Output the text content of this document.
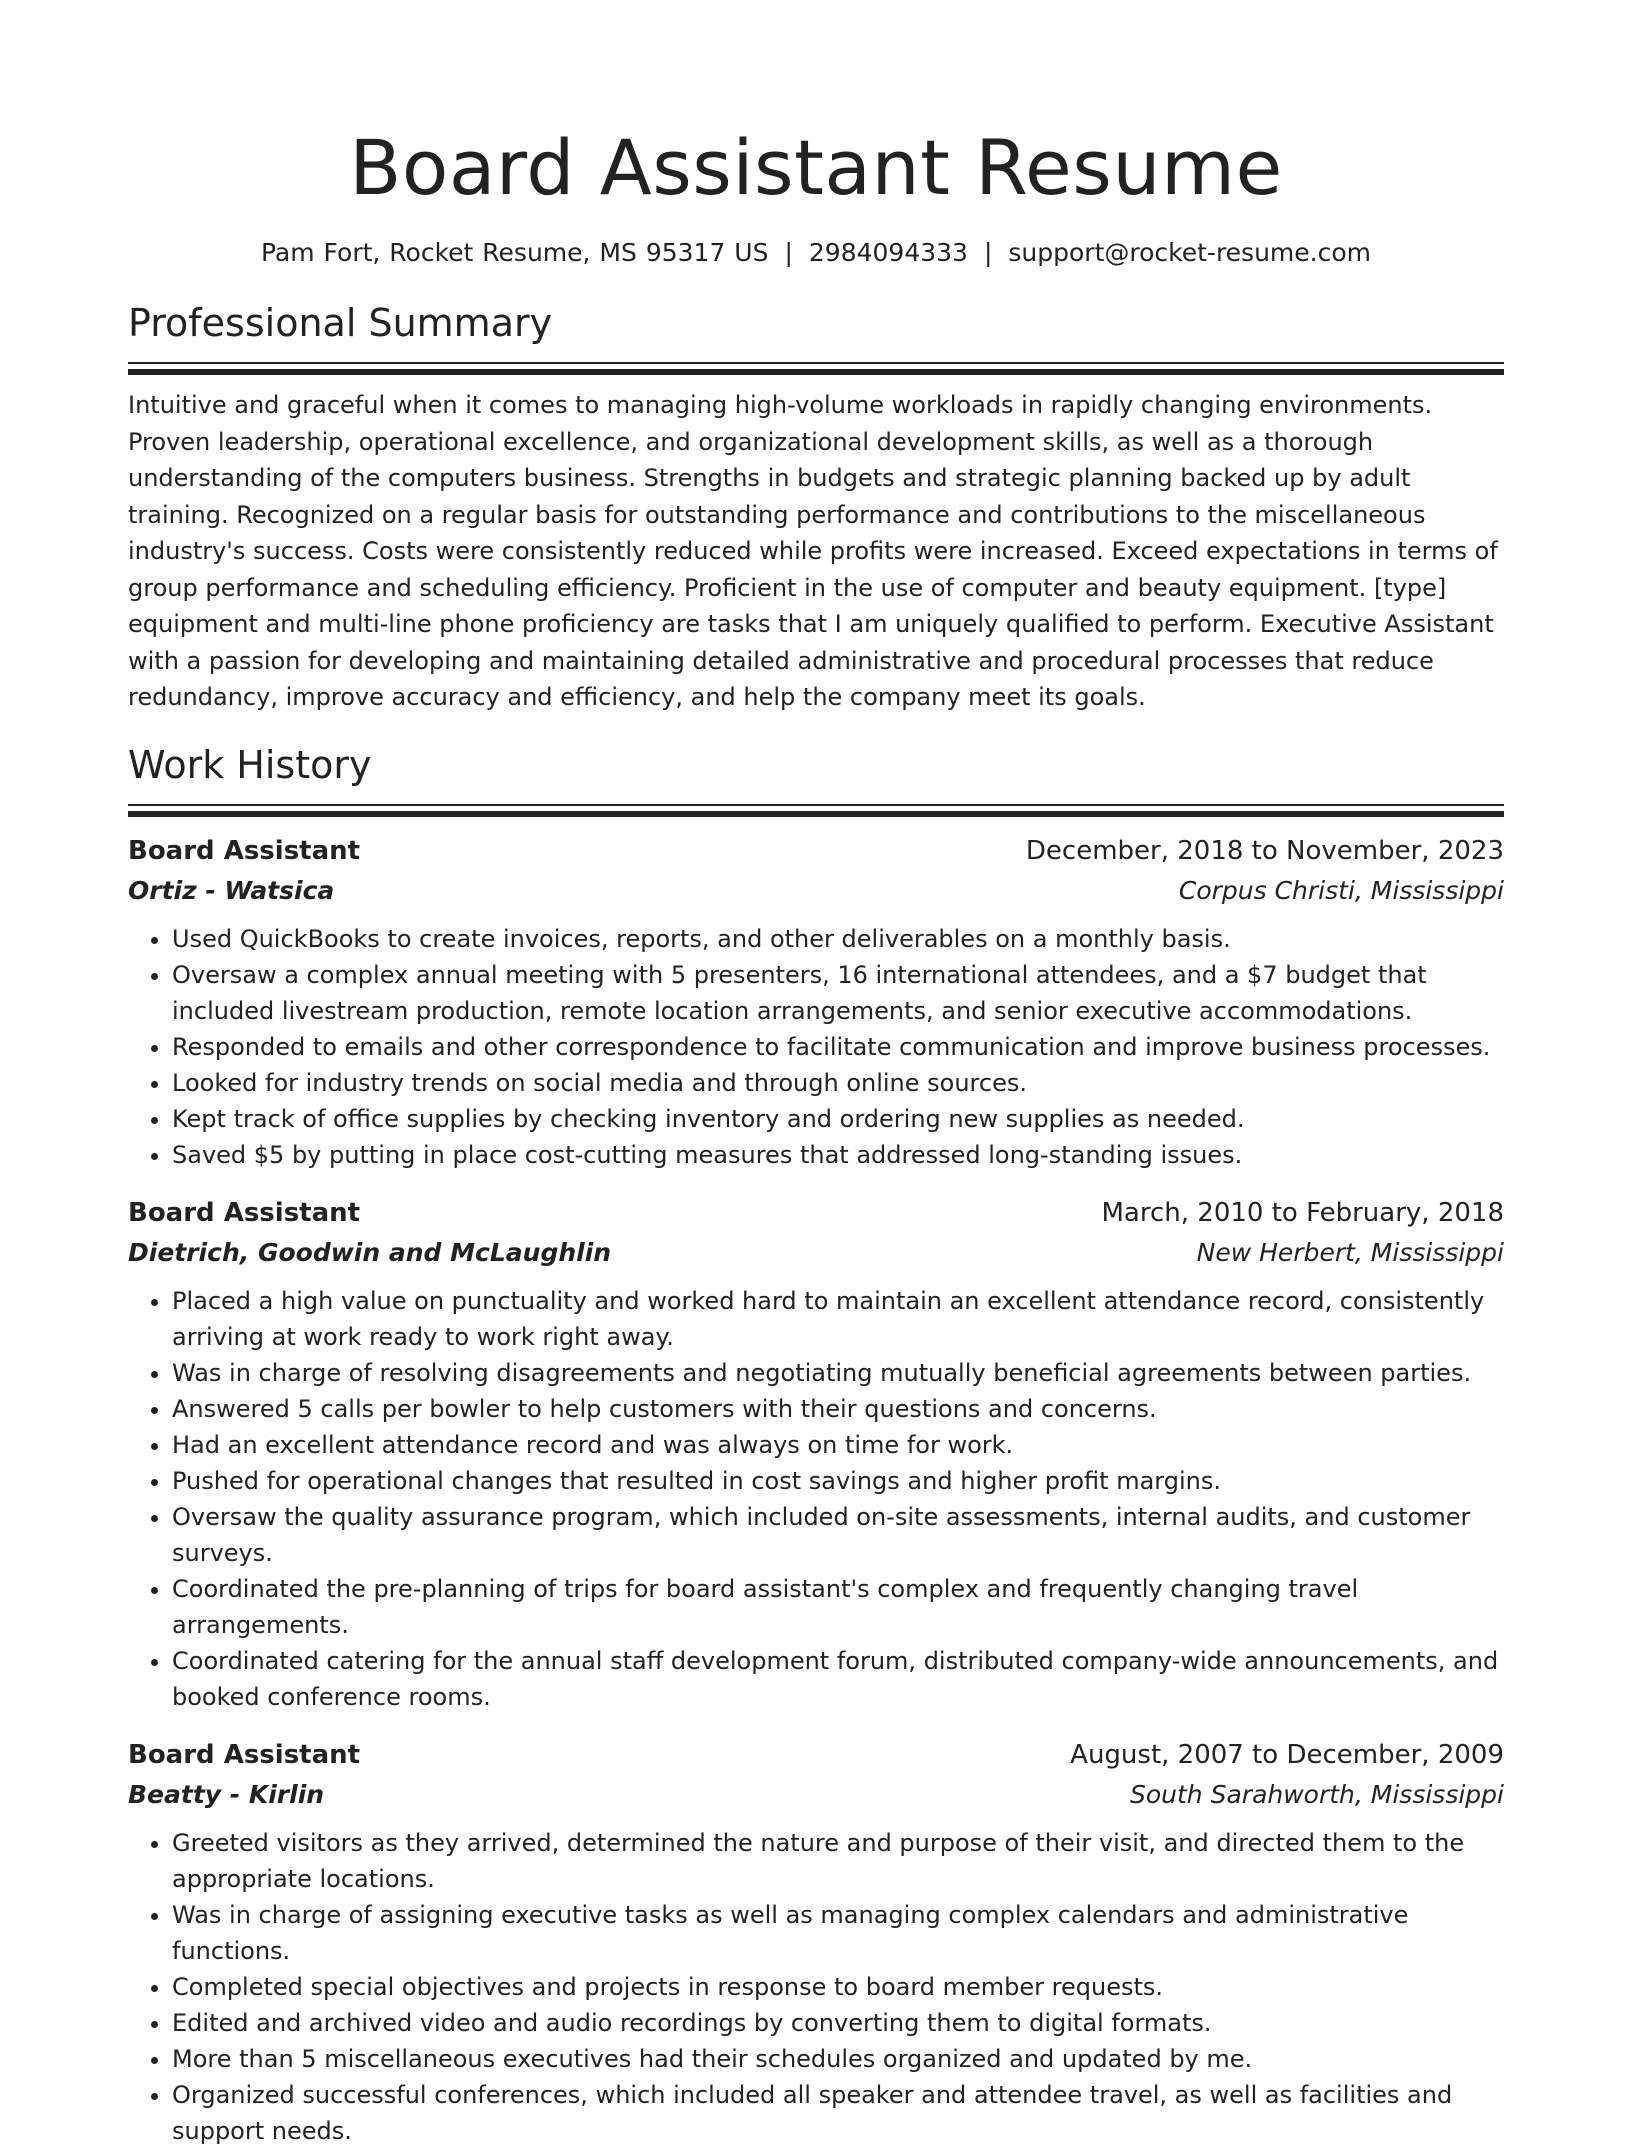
Board Assistant Resume
Pam Fort, Rocket Resume, MS 95317 US | 2984094333 | support@rocket-resume.com
Professional Summary

Intuitive and graceful when it comes to managing high-volume workloads in rapidly changing environments. Proven leadership, operational excellence, and organizational development skills, as well as a thorough understanding of the computers business. Strengths in budgets and strategic planning backed up by adult training. Recognized on a regular basis for outstanding performance and contributions to the miscellaneous industry's success. Costs were consistently reduced while profits were increased. Exceed expectations in terms of group performance and scheduling efficiency. Proficient in the use of computer and beauty equipment. [type] equipment and multi-line phone proficiency are tasks that I am uniquely qualified to perform. Executive Assistant with a passion for developing and maintaining detailed administrative and procedural processes that reduce redundancy, improve accuracy and efficiency, and help the company meet its goals.

Work History
Board Assistant	December, 2018 to November, 2023
Ortiz - Watsica	Corpus Christi, Mississippi
• Used QuickBooks to create invoices, reports, and other deliverables on a monthly basis.
• Oversaw a complex annual meeting with 5 presenters, 16 international attendees, and a $7 budget that included livestream production, remote location arrangements, and senior executive accommodations.
• Responded to emails and other correspondence to facilitate communication and improve business processes.
• Looked for industry trends on social media and through online sources.
• Kept track of office supplies by checking inventory and ordering new supplies as needed.
• Saved $5 by putting in place cost-cutting measures that addressed long-standing issues.
Board Assistant	March, 2010 to February, 2018
Dietrich, Goodwin and McLaughlin	New Herbert, Mississippi
• Placed a high value on punctuality and worked hard to maintain an excellent attendance record, consistently arriving at work ready to work right away.
• Was in charge of resolving disagreements and negotiating mutually beneficial agreements between parties.
• Answered 5 calls per bowler to help customers with their questions and concerns.
• Had an excellent attendance record and was always on time for work.
• Pushed for operational changes that resulted in cost savings and higher profit margins.
• Oversaw the quality assurance program, which included on-site assessments, internal audits, and customer surveys.
• Coordinated the pre-planning of trips for board assistant's complex and frequently changing travel arrangements.
• Coordinated catering for the annual staff development forum, distributed company-wide announcements, and booked conference rooms.
Board Assistant	August, 2007 to December, 2009
Beatty - Kirlin	South Sarahworth, Mississippi
• Greeted visitors as they arrived, determined the nature and purpose of their visit, and directed them to the appropriate locations.
• Was in charge of assigning executive tasks as well as managing complex calendars and administrative functions.
• Completed special objectives and projects in response to board member requests.
• Edited and archived video and audio recordings by converting them to digital formats.
• More than 5 miscellaneous executives had their schedules organized and updated by me.
• Organized successful conferences, which included all speaker and attendee travel, as well as facilities and support needs.
